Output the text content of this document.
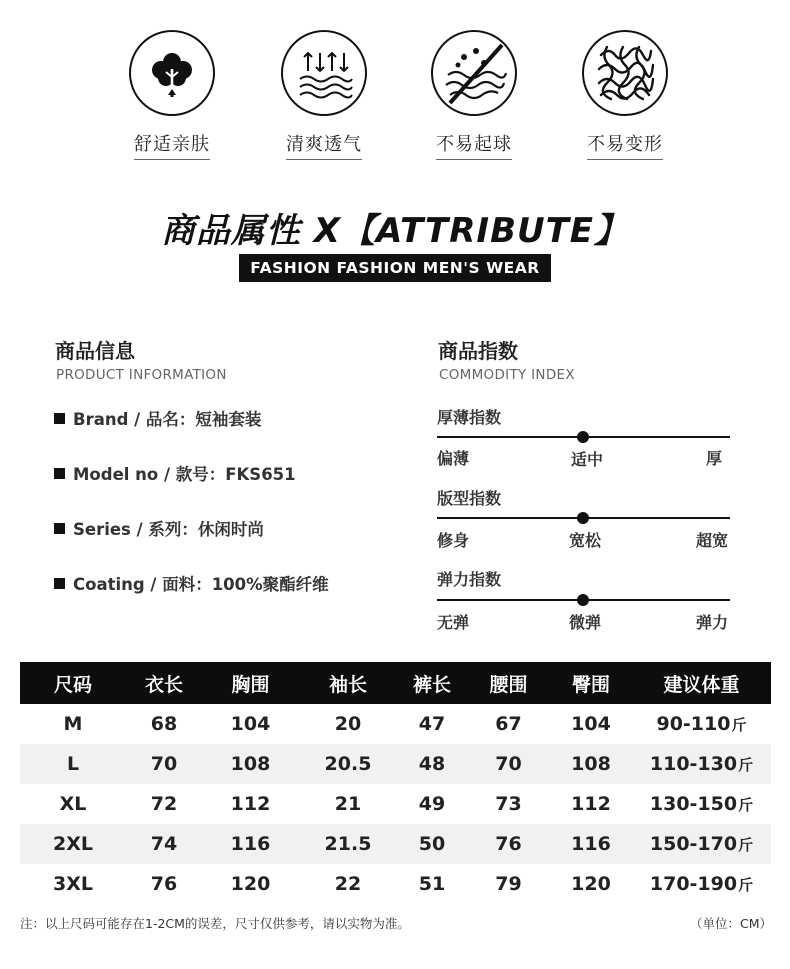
舒适亲肤	清爽透气	不易起球	不易变形
商品属性 X【ATTRIBUTE】
FASHION FASHION MEN'S WEAR
商品信息
PRODUCT INFORMATION
Brand / 品名：短袖套装
Model no / 款号：FKS651
Series / 系列：休闲时尚
Coating / 面料：100%聚酯纤维
商品指数
COMMODITY INDEX
厚薄指数
偏薄	适中	厚
版型指数
修身	宽松	超宽
弹力指数
无弹	微弹	弹力
尺码	衣长	胸围	袖长	裤长	腰围	臀围	建议体重
M	68	104	20	47	67	104	90-110斤
L	70	108	20.5	48	70	108	110-130斤
XL	72	112	21	49	73	112	130-150斤
2XL	74	116	21.5	50	76	116	150-170斤
3XL	76	120	22	51	79	120	170-190斤
注：以上尺码可能存在1-2CM的误差，尺寸仅供参考，请以实物为准。	（单位：CM）
